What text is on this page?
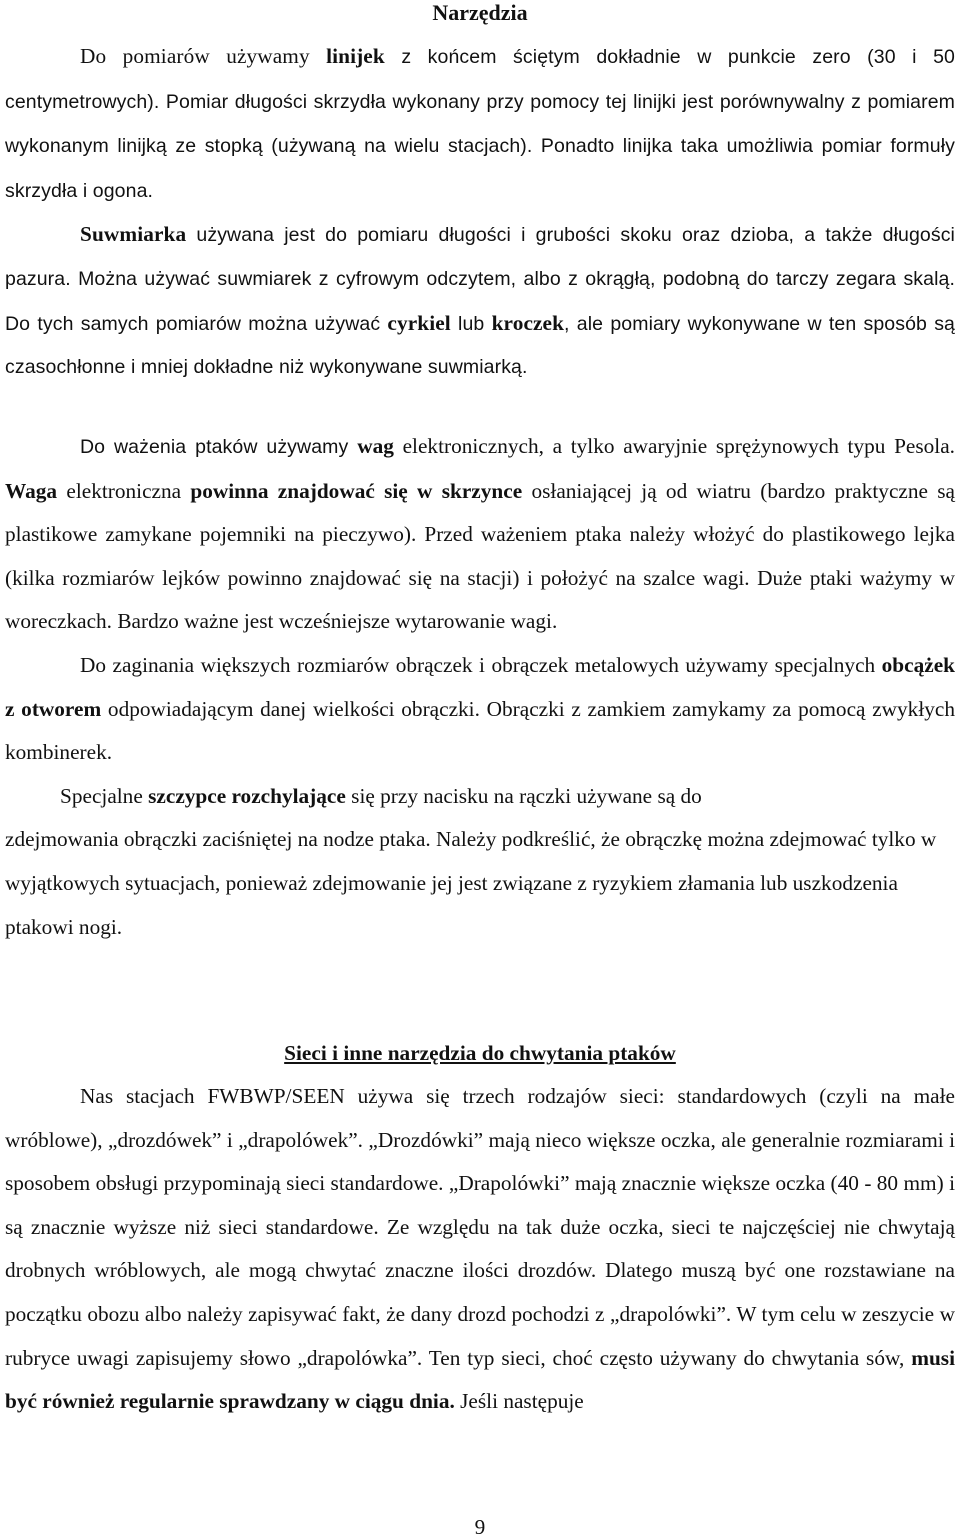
Narzędzia

Do pomiarów używamy linijek z końcem ściętym dokładnie w punkcie zero (30 i 50 centymetrowych). Pomiar długości skrzydła wykonany przy pomocy tej linijki jest porównywalny z pomiarem wykonanym linijką ze stopką (używaną na wielu stacjach). Ponadto linijka taka umożliwia pomiar formuły skrzydła i ogona.

Suwmiarka używana jest do pomiaru długości i grubości skoku oraz dzioba, a także długości pazura. Można używać suwmiarek z cyfrowym odczytem, albo z okrągłą, podobną do tarczy zegara skalą. Do tych samych pomiarów można używać cyrkiel lub kroczek, ale pomiary wykonywane w ten sposób są czasochłonne i mniej dokładne niż wykonywane suwmiarką.

Do ważenia ptaków używamy wag elektronicznych, a tylko awaryjnie sprężynowych typu Pesola. Waga elektroniczna powinna znajdować się w skrzynce osłaniającej ją od wiatru (bardzo praktyczne są plastikowe zamykane pojemniki na pieczywo). Przed ważeniem ptaka należy włożyć do plastikowego lejka (kilka rozmiarów lejków powinno znajdować się na stacji) i położyć na szalce wagi. Duże ptaki ważymy w woreczkach. Bardzo ważne jest wcześniejsze wytarowanie wagi.

Do zaginania większych rozmiarów obrączek i obrączek metalowych używamy specjalnych obcążek z otworem odpowiadającym danej wielkości obrączki. Obrączki z zamkiem zamykamy za pomocą zwykłych kombinerek.

Specjalne szczypce rozchylające się przy nacisku na rączki używane są do

zdejmowania obrączki zaciśniętej na nodze ptaka. Należy podkreślić, że obrączkę można zdejmować tylko w wyjątkowych sytuacjach, ponieważ zdejmowanie jej jest związane z ryzykiem złamania lub uszkodzenia ptakowi nogi.

Sieci i inne narzędzia do chwytania ptaków

Nas stacjach FWBWP/SEEN używa się trzech rodzajów sieci: standardowych (czyli na małe wróblowe), „drozdówek” i „drapolówek”. „Drozdówki” mają nieco większe oczka, ale generalnie rozmiarami i sposobem obsługi przypominają sieci standardowe. „Drapolówki” mają znacznie większe oczka (40 - 80 mm) i są znacznie wyższe niż sieci standardowe. Ze względu na tak duże oczka, sieci te najczęściej nie chwytają drobnych wróblowych, ale mogą chwytać znaczne ilości drozdów. Dlatego muszą być one rozstawiane na początku obozu albo należy zapisywać fakt, że dany drozd pochodzi z „drapolówki”. W tym celu w zeszycie w rubryce uwagi zapisujemy słowo „drapolówka”. Ten typ sieci, choć często używany do chwytania sów, musi być również regularnie sprawdzany w ciągu dnia. Jeśli następuje

9
